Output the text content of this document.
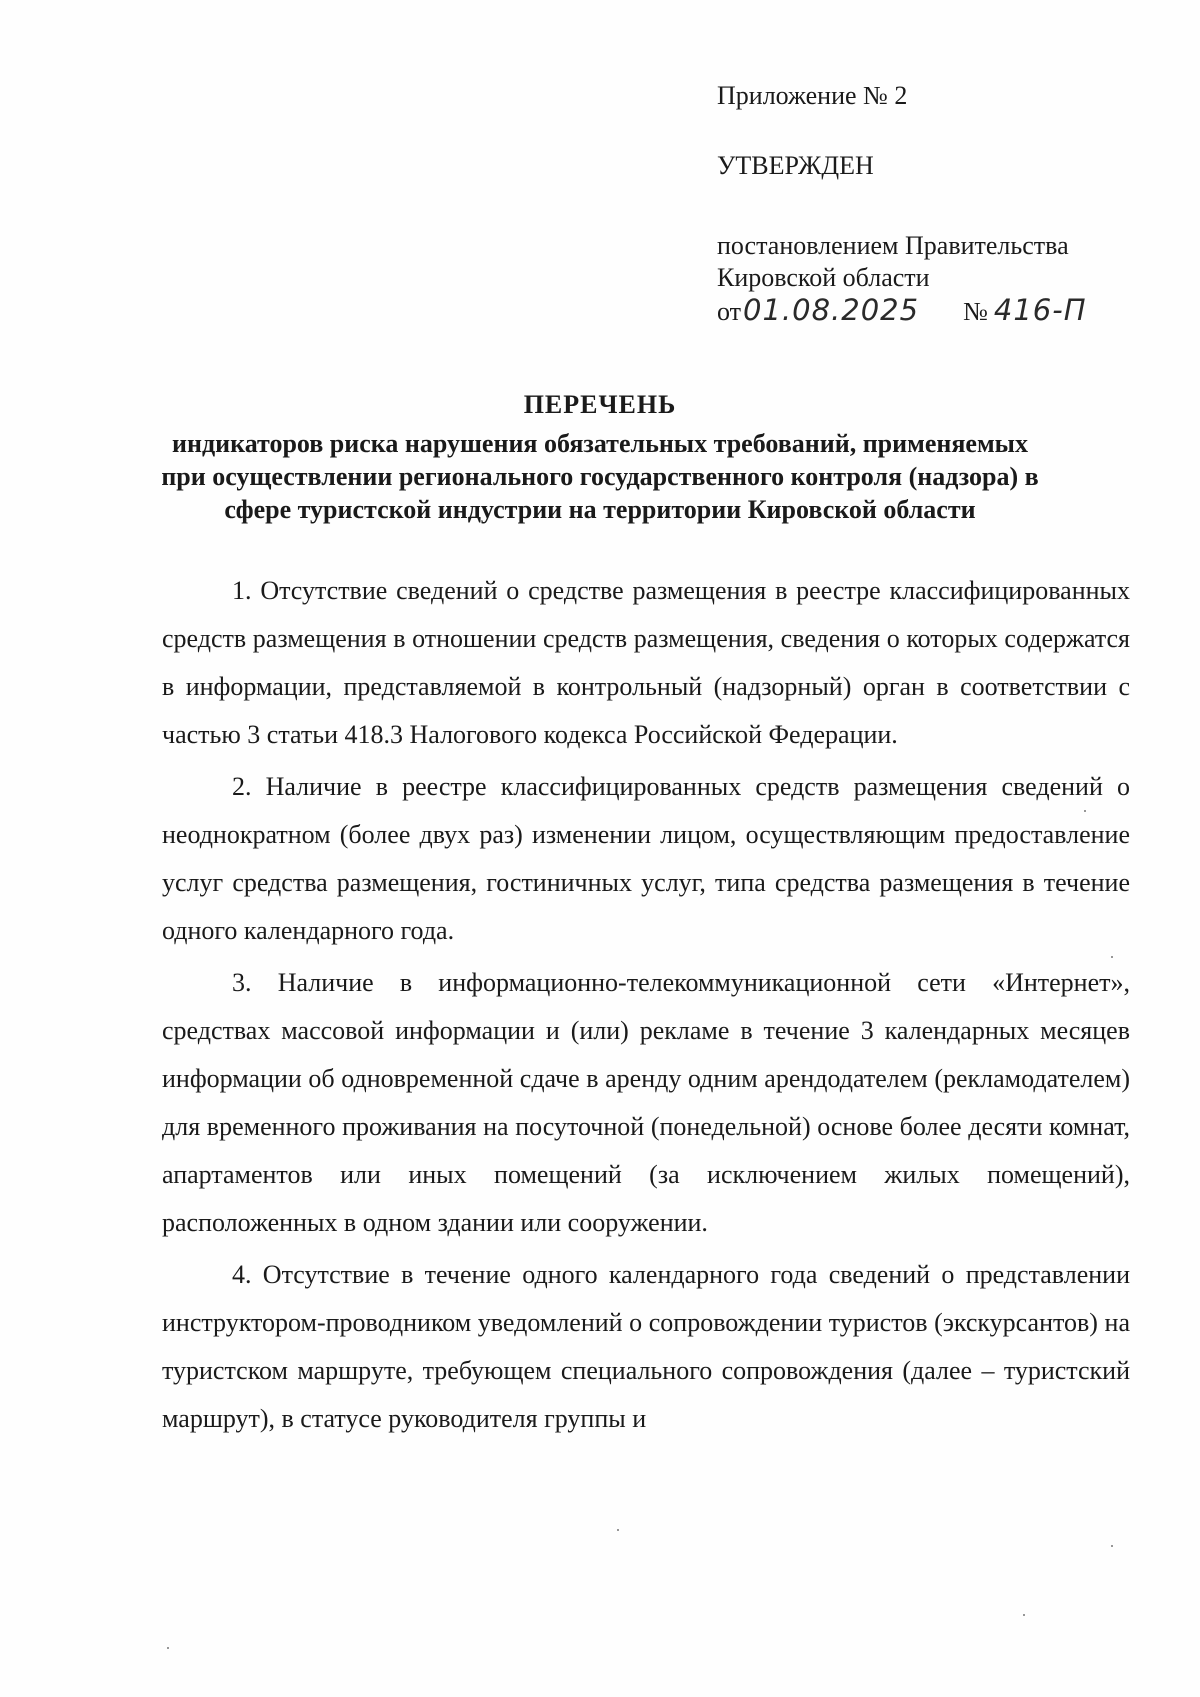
Приложение № 2

УТВЕРЖДЕН

постановлением Правительства

Кировской области

от01.08.2025 № 416-П

ПЕРЕЧЕНЬ

индикаторов риска нарушения обязательных требований, применяемых при осуществлении регионального государственного контроля (надзора) в сфере туристской индустрии на территории Кировской области

1. Отсутствие сведений о средстве размещения в реестре классифицированных средств размещения в отношении средств размещения, сведения о которых содержатся в информации, представляемой в контрольный (надзорный) орган в соответствии с частью 3 статьи 418.3 Налогового кодекса Российской Федерации.

2. Наличие в реестре классифицированных средств размещения сведений о неоднократном (более двух раз) изменении лицом, осуществляющим предоставление услуг средства размещения, гостиничных услуг, типа средства размещения в течение одного календарного года.

3. Наличие в информационно-телекоммуникационной сети «Интернет», средствах массовой информации и (или) рекламе в течение 3 календарных месяцев информации об одновременной сдаче в аренду одним арендодателем (рекламодателем) для временного проживания на посуточной (понедельной) основе более десяти комнат, апартаментов или иных помещений (за исключением жилых помещений), расположенных в одном здании или сооружении.

4. Отсутствие в течение одного календарного года сведений о представлении инструктором-проводником уведомлений о сопровождении туристов (экскурсантов) на туристском маршруте, требующем специального сопровождения (далее – туристский маршрут), в статусе руководителя группы и
